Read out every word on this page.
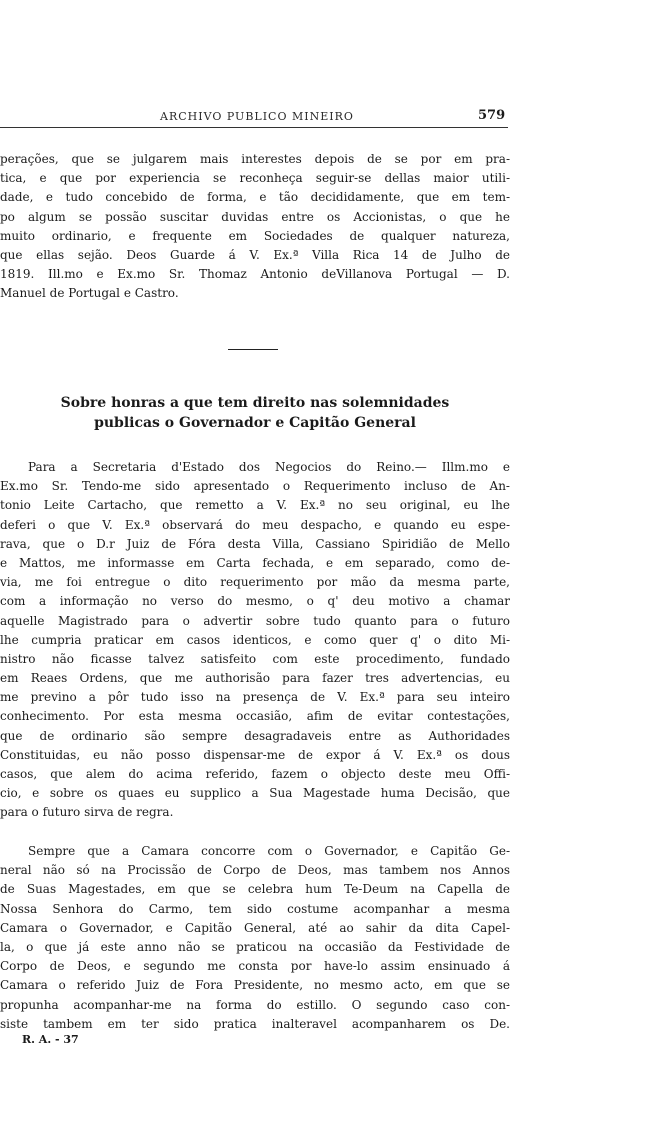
ARCHIVO PUBLICO MINEIRO	579
perações, que se julgarem mais interestes depois de se por em pra-
tica, e que por experiencia se reconheça seguir-se dellas maior utili-
dade, e tudo concebido de forma, e tão decididamente, que em tem-
po algum se possão suscitar duvidas entre os Accionistas, o que he
muito ordinario, e frequente em Sociedades de qualquer natureza,
que ellas sejão. Deos Guarde á V. Ex.ª Villa Rica 14 de Julho de
1819. Ill.mo e Ex.mo Sr. Thomaz Antonio deVillanova Portugal — D.
Manuel de Portugal e Castro.
Sobre honras a que tem direito nas solemnidades
publicas o Governador e Capitão General
Para a Secretaria d'Estado dos Negocios do Reino.— Illm.mo e
Ex.mo Sr. Tendo-me sido apresentado o Requerimento incluso de An-
tonio Leite Cartacho, que remetto a V. Ex.ª no seu original, eu lhe
deferi o que V. Ex.ª observará do meu despacho, e quando eu espe-
rava, que o D.r Juiz de Fóra desta Villa, Cassiano Spiridião de Mello
e Mattos, me informasse em Carta fechada, e em separado, como de-
via, me foi entregue o dito requerimento por mão da mesma parte,
com a informação no verso do mesmo, o q' deu motivo a chamar
aquelle Magistrado para o advertir sobre tudo quanto para o futuro
lhe cumpria praticar em casos identicos, e como quer q' o dito Mi-
nistro não ficasse talvez satisfeito com este procedimento, fundado
em Reaes Ordens, que me authorisão para fazer tres advertencias, eu
me previno a pôr tudo isso na presença de V. Ex.ª para seu inteiro
conhecimento. Por esta mesma occasião, afim de evitar contestações,
que de ordinario são sempre desagradaveis entre as Authoridades
Constituidas, eu não posso dispensar-me de expor á V. Ex.ª os dous
casos, que alem do acima referido, fazem o objecto deste meu Offi-
cio, e sobre os quaes eu supplico a Sua Magestade huma Decisão, que
para o futuro sirva de regra.
Sempre que a Camara concorre com o Governador, e Capitão Ge-
neral não só na Procissão de Corpo de Deos, mas tambem nos Annos
de Suas Magestades, em que se celebra hum Te-Deum na Capella de
Nossa Senhora do Carmo, tem sido costume acompanhar a mesma
Camara o Governador, e Capitão General, até ao sahir da dita Capel-
la, o que já este anno não se praticou na occasião da Festividade de
Corpo de Deos, e segundo me consta por have-lo assim ensinuado á
Camara o referido Juiz de Fora Presidente, no mesmo acto, em que se
propunha acompanhar-me na forma do estillo. O segundo caso con-
siste tambem em ter sido pratica inalteravel acompanharem os De.
R. A. - 37
